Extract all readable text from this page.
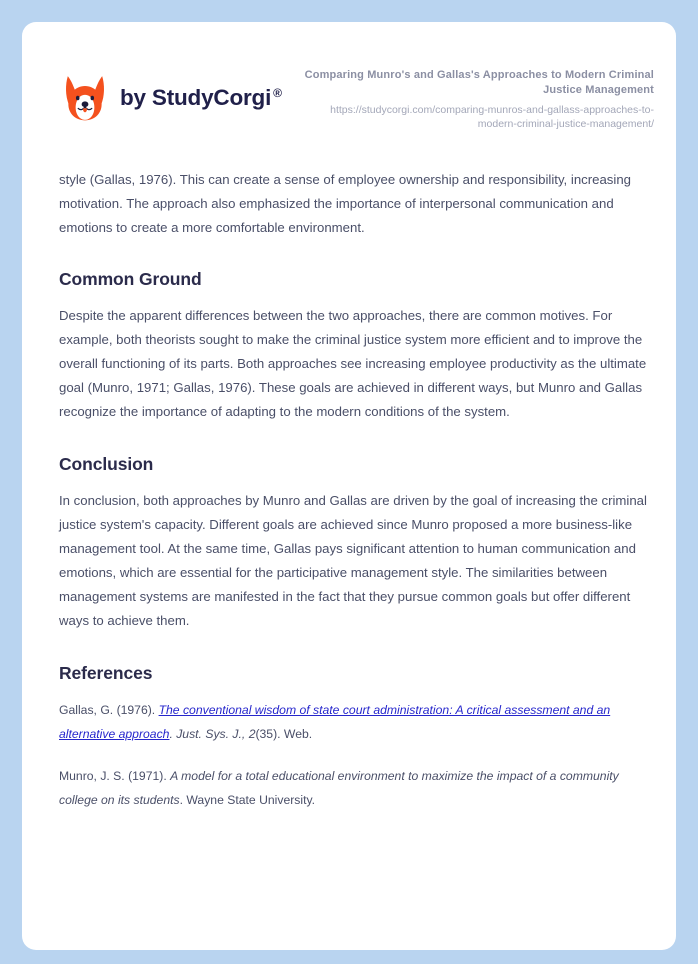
by StudyCorgi ®
Comparing Munro's and Gallas's Approaches to Modern Criminal Justice Management
https://studycorgi.com/comparing-munros-and-gallass-approaches-to-modern-criminal-justice-management/

style (Gallas, 1976). This can create a sense of employee ownership and responsibility, increasing motivation. The approach also emphasized the importance of interpersonal communication and emotions to create a more comfortable environment.

Common Ground

Despite the apparent differences between the two approaches, there are common motives. For example, both theorists sought to make the criminal justice system more efficient and to improve the overall functioning of its parts. Both approaches see increasing employee productivity as the ultimate goal (Munro, 1971; Gallas, 1976). These goals are achieved in different ways, but Munro and Gallas recognize the importance of adapting to the modern conditions of the system.

Conclusion

In conclusion, both approaches by Munro and Gallas are driven by the goal of increasing the criminal justice system's capacity. Different goals are achieved since Munro proposed a more business-like management tool. At the same time, Gallas pays significant attention to human communication and emotions, which are essential for the participative management style. The similarities between management systems are manifested in the fact that they pursue common goals but offer different ways to achieve them.

References

Gallas, G. (1976). The conventional wisdom of state court administration: A critical assessment and an alternative approach. Just. Sys. J., 2(35). Web.

Munro, J. S. (1971). A model for a total educational environment to maximize the impact of a community college on its students. Wayne State University.
